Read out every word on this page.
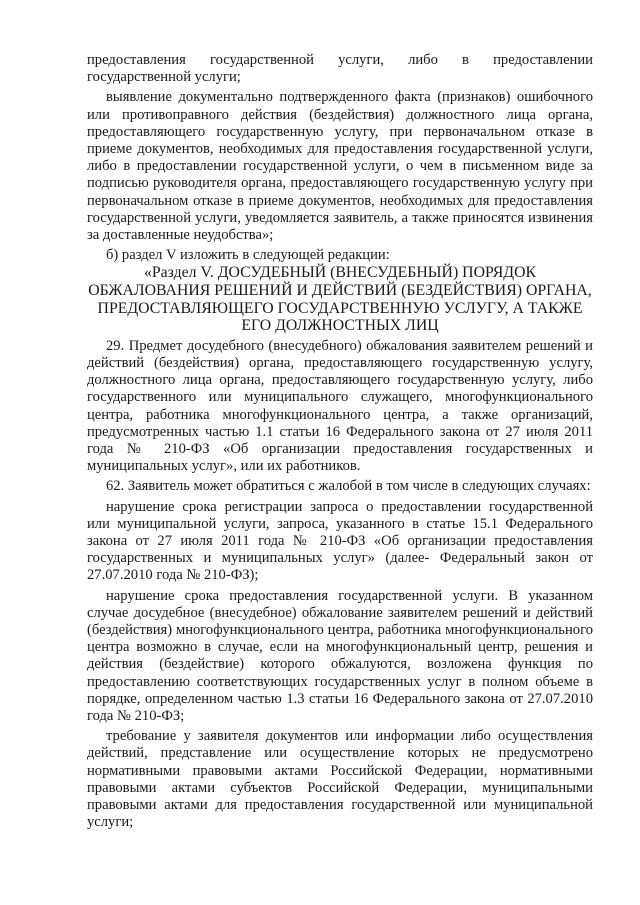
предоставления государственной услуги, либо в предоставлении государственной услуги;

выявление документально подтвержденного факта (признаков) ошибочного или противоправного действия (бездействия) должностного лица органа, предоставляющего государственную услугу, при первоначальном отказе в приеме документов, необходимых для предоставления государственной услуги, либо в предоставлении государственной услуги, о чем в письменном виде за подписью руководителя органа, предоставляющего государственную услугу при первоначальном отказе в приеме документов, необходимых для предоставления государственной услуги, уведомляется заявитель, а также приносятся извинения за доставленные неудобства»;

б) раздел V изложить в следующей редакции:

«Раздел V. ДОСУДЕБНЫЙ (ВНЕСУДЕБНЫЙ) ПОРЯДОК ОБЖАЛОВАНИЯ РЕШЕНИЙ И ДЕЙСТВИЙ (БЕЗДЕЙСТВИЯ) ОРГАНА, ПРЕДОСТАВЛЯЮЩЕГО ГОСУДАРСТВЕННУЮ УСЛУГУ, А ТАКЖЕ ЕГО ДОЛЖНОСТНЫХ ЛИЦ

29. Предмет досудебного (внесудебного) обжалования заявителем решений и действий (бездействия) органа, предоставляющего государственную услугу, должностного лица органа, предоставляющего государственную услугу, либо государственного или муниципального служащего, многофункционального центра, работника многофункционального центра, а также организаций, предусмотренных частью 1.1 статьи 16 Федерального закона от 27 июля 2011 года № 210-ФЗ «Об организации предоставления государственных и муниципальных услуг», или их работников.

62. Заявитель может обратиться с жалобой в том числе в следующих случаях:

нарушение срока регистрации запроса о предоставлении государственной или муниципальной услуги, запроса, указанного в статье 15.1 Федерального закона от 27 июля 2011 года № 210-ФЗ «Об организации предоставления государственных и муниципальных услуг» (далее- Федеральный закон от 27.07.2010 года № 210-ФЗ);

нарушение срока предоставления государственной услуги. В указанном случае досудебное (внесудебное) обжалование заявителем решений и действий (бездействия) многофункционального центра, работника многофункционального центра возможно в случае, если на многофункциональный центр, решения и действия (бездействие) которого обжалуются, возложена функция по предоставлению соответствующих государственных услуг в полном объеме в порядке, определенном частью 1.3 статьи 16 Федерального закона от 27.07.2010 года № 210-ФЗ;

требование у заявителя документов или информации либо осуществления действий, представление или осуществление которых не предусмотрено нормативными правовыми актами Российской Федерации, нормативными правовыми актами субъектов Российской Федерации, муниципальными правовыми актами для предоставления государственной или муниципальной услуги;
